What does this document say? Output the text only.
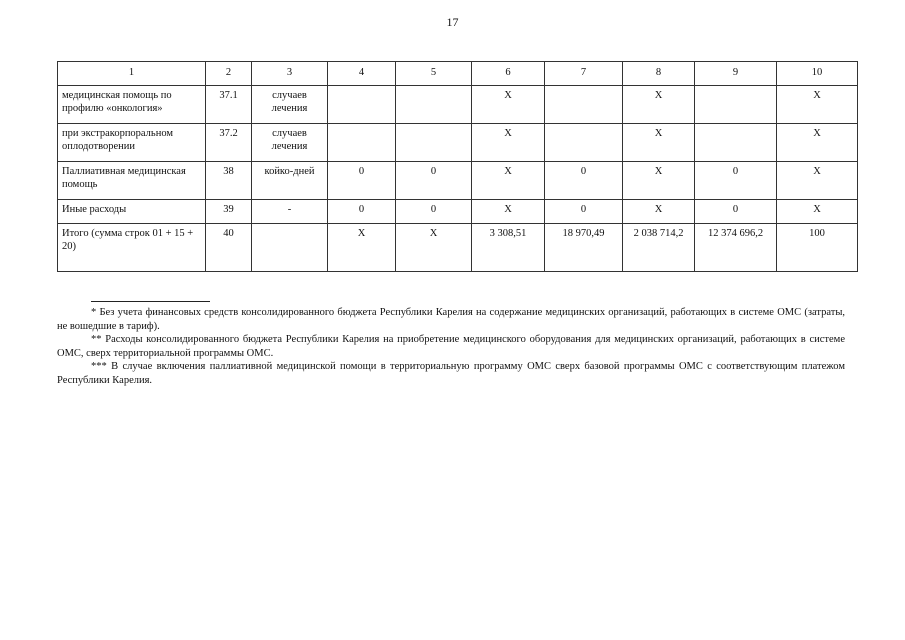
17
1	2	3	4	5	6	7	8	9	10
медицинская помощь по профилю «онкология»	37.1	случаев лечения			Х		Х		Х
при экстракорпоральном оплодотворении	37.2	случаев лечения			Х		Х		Х
Паллиативная медицинская помощь	38	койко-дней	0	0	Х	0	Х	0	Х
Иные расходы	39	-	0	0	Х	0	Х	0	Х
Итого (сумма строк 01 + 15 + 20)	40		Х	Х	3 308,51	18 970,49	2 038 714,2	12 374 696,2	100

* Без учета финансовых средств консолидированного бюджета Республики Карелия на содержание медицинских организаций, работающих в системе ОМС (затраты, не вошедшие в тариф).

** Расходы консолидированного бюджета Республики Карелия на приобретение медицинского оборудования для медицинских организаций, работающих в системе ОМС, сверх территориальной программы ОМС.

*** В случае включения паллиативной медицинской помощи в территориальную программу ОМС сверх базовой программы ОМС с соответствующим платежом Республики Карелия.
